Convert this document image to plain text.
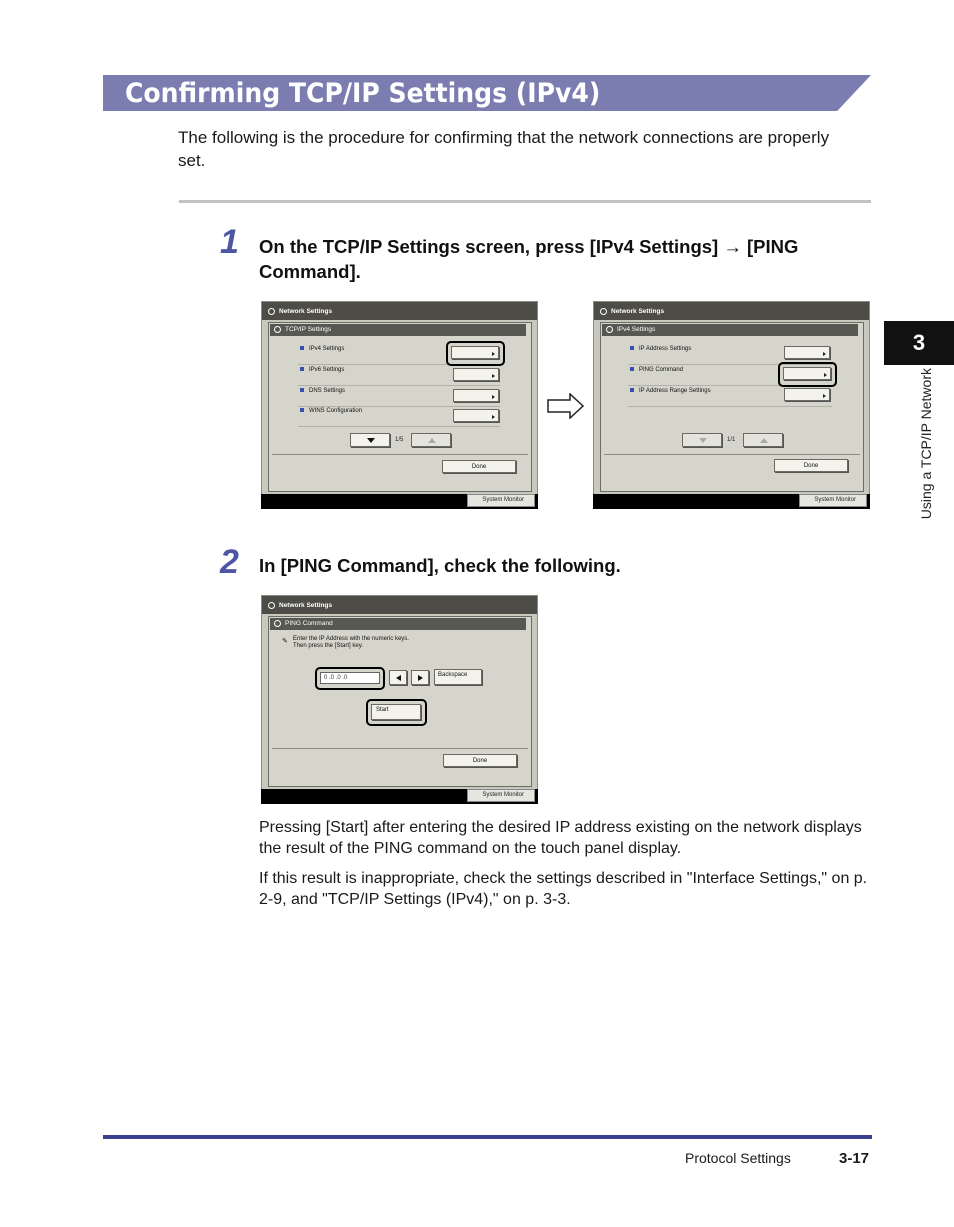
Confirming TCP/IP Settings (IPv4)

The following is the procedure for confirming that the network connections are properly set.

1 On the TCP/IP Settings screen, press [IPv4 Settings] → [PING Command].

Network Settings
TCP/IP Settings
IPv4 Settings
IPv6 Settings
DNS Settings
WINS Configuration
1/5
Done
System Monitor
Network Settings
IPv4 Settings
IP Address Settings
PING Command
IP Address Range Settings
1/1
Done
System Monitor
2 In [PING Command], check the following.

Network Settings
PING Command
✎ Enter the IP Address with the numeric keys.
Then press the [Start] key.
0 .0 .0 .0	Backspace
Start
Done
System Monitor

Pressing [Start] after entering the desired IP address existing on the network displays the result of the PING command on the touch panel display.

If this result is inappropriate, check the settings described in "Interface Settings," on p. 2-9, and "TCP/IP Settings (IPv4)," on p. 3-3.

3
Using a TCP/IP Network
Protocol Settings	3-17
